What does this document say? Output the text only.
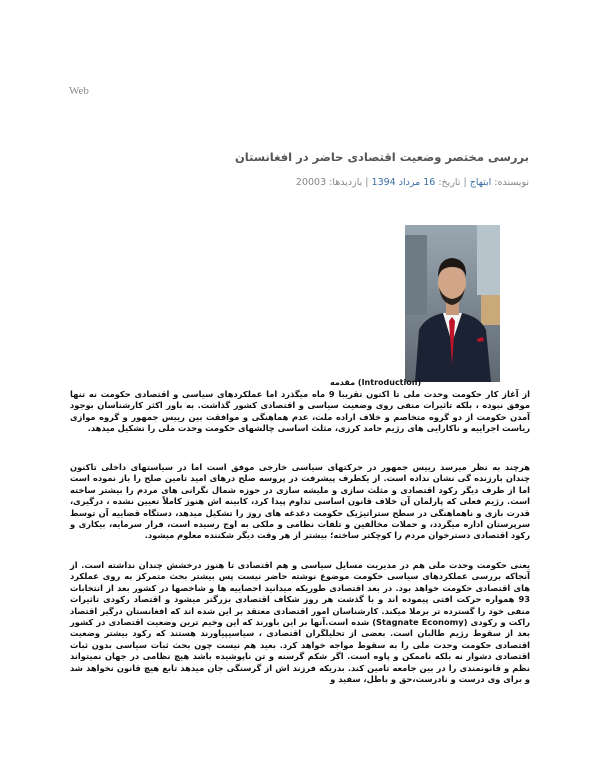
Web
بررسی مختصر وضعیت اقتصادی حاضر در افغانستان
نویسنده: ابتهاج | تاریخ: 16 مرداد 1394 | بازدیدها: 20003
مقدمه (Introduction)

از آغاز کار حکومت وحدت ملی تا اکنون تقریبا 9 ماه میگذرد اما عملکردهای سیاسی و اقتصادی حکومت نه تنها موفق نبوده ، بلکه تاثیرات منفی روی وضعیت سیاسی و اقتصادی کشور گذاشت. به باور اکثر کارشناسان بوجود آمدن حکومت از دو گروه متخاصم و خلاف اراده ملت، عدم هماهنگی و موافقت بین رییس جمهور و گروه موازی ریاست اجراییه و ناکارایی های رژیم حامد کرزی، مثلث اساسی چالشهای حکومت وحدت ملی را تشکیل میدهد.

هرچند به نظر میرسد رییس جمهور در حرکتهای سیاسی خارجی موفق است اما در سیاستهای داخلی تاکنون چندان بارزنده گی نشان نداده است. از یکطرف پیشرفت در پروسه صلح درهای امید تامین صلح را باز نموده است اما از طرف دیگر رکود اقتصادی و مثلث سازی و ملیشه سازی در حوزه شمال نگرانی های مردم را بیشتر ساخته است. رژیم فعلی که پارلمان آن خلاف قانون اساسی تداوم پیدا کرد، کابینه اش هنوز کاملاً تعیین نشده ، درگیری، قدرت بازی و ناهماهنگی در سطح ستراتیژیک حکومت دغدغه های روز را تشکیل میدهد، دستگاه قضاییه آن توسط سرپرستان اداره میگردد، و حملات مخالفین و تلفات نظامی و ملکی به اوج رسیده است، فرار سرمایه، بیکاری و رکود اقتصادی دسترخوان مردم را کوچکتر ساخته؛ بیشتر از هر وقت دیگر شکننده معلوم میشود.

یعنی حکومت وحدت ملی هم در مدیریت مسایل سیاسی و هم اقتصادی تا هنوز درخشش چندان نداشته است. از آنجاکه بررسی عملکردهای سیاسی حکومت موضوع نوشته حاضر نیست پس بیشتر بحث متمرکز به روی عملکرد های اقتصادی حکومت خواهد بود. در بعد اقتصادی طوریکه میدانید احصاییه ها و شاخصها در کشور بعد از انتخابات 93 همواره حرکت افتی پیموده اند و با گذشت هر روز شکاف اقتصادی بزرگتر میشود و اقتصاد رکودی تاثیرات منفی خود را گسترده تر برملا میکند. کارشناسان امور اقتصادی معتقد بر این شده اند که افغانستان درگیر اقتصاد راکت و رکودی (Stagnate Economy) شده است.آنها بر این باورند که این وخیم ترین وضعیت اقتصادی در کشور بعد از سقوط رژیم طالبان است. بعضی از تحلیلگران اقتصادی ، سیاسیپیاورند هستند که رکود بیشتر وضعیت اقتصادی حکومت وحدت ملی را به سقوط مواجه خواهد کرد. بعید هم نیست چون بحث ثبات سیاسی بدون ثبات اقتصادی دشوار نه بلکه ناممکن و پاوه است. اگر شکم گرسنه و تن ناپوشیده باشد هیچ نظامی در جهان نمیتواند نظم و قانونمندی را در بین جامعه تامین کند. بدریکه فرزند اش از گرسنگی جان میدهد تابع هیچ قانون نخواهد شد و برای وی درست و نادرست،حق و باطل، سفید و
